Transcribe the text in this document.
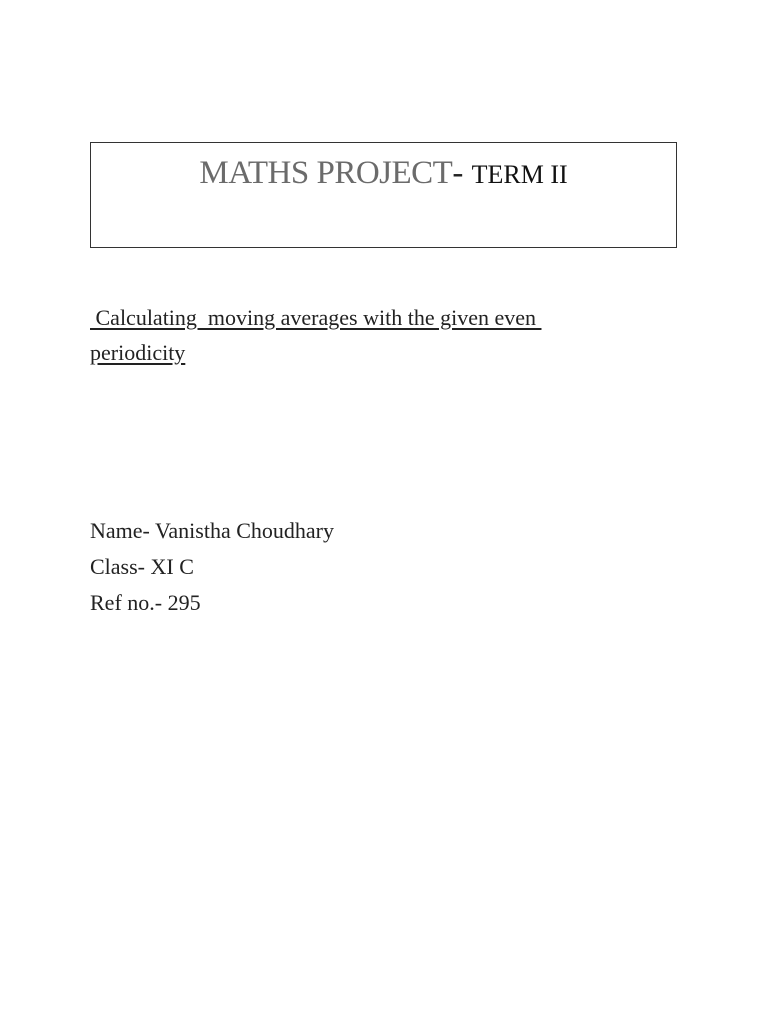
MATHS PROJECT- TERM II
Calculating  moving averages with the given even periodicity
Name- Vanistha Choudhary
Class- XI C
Ref no.- 295
